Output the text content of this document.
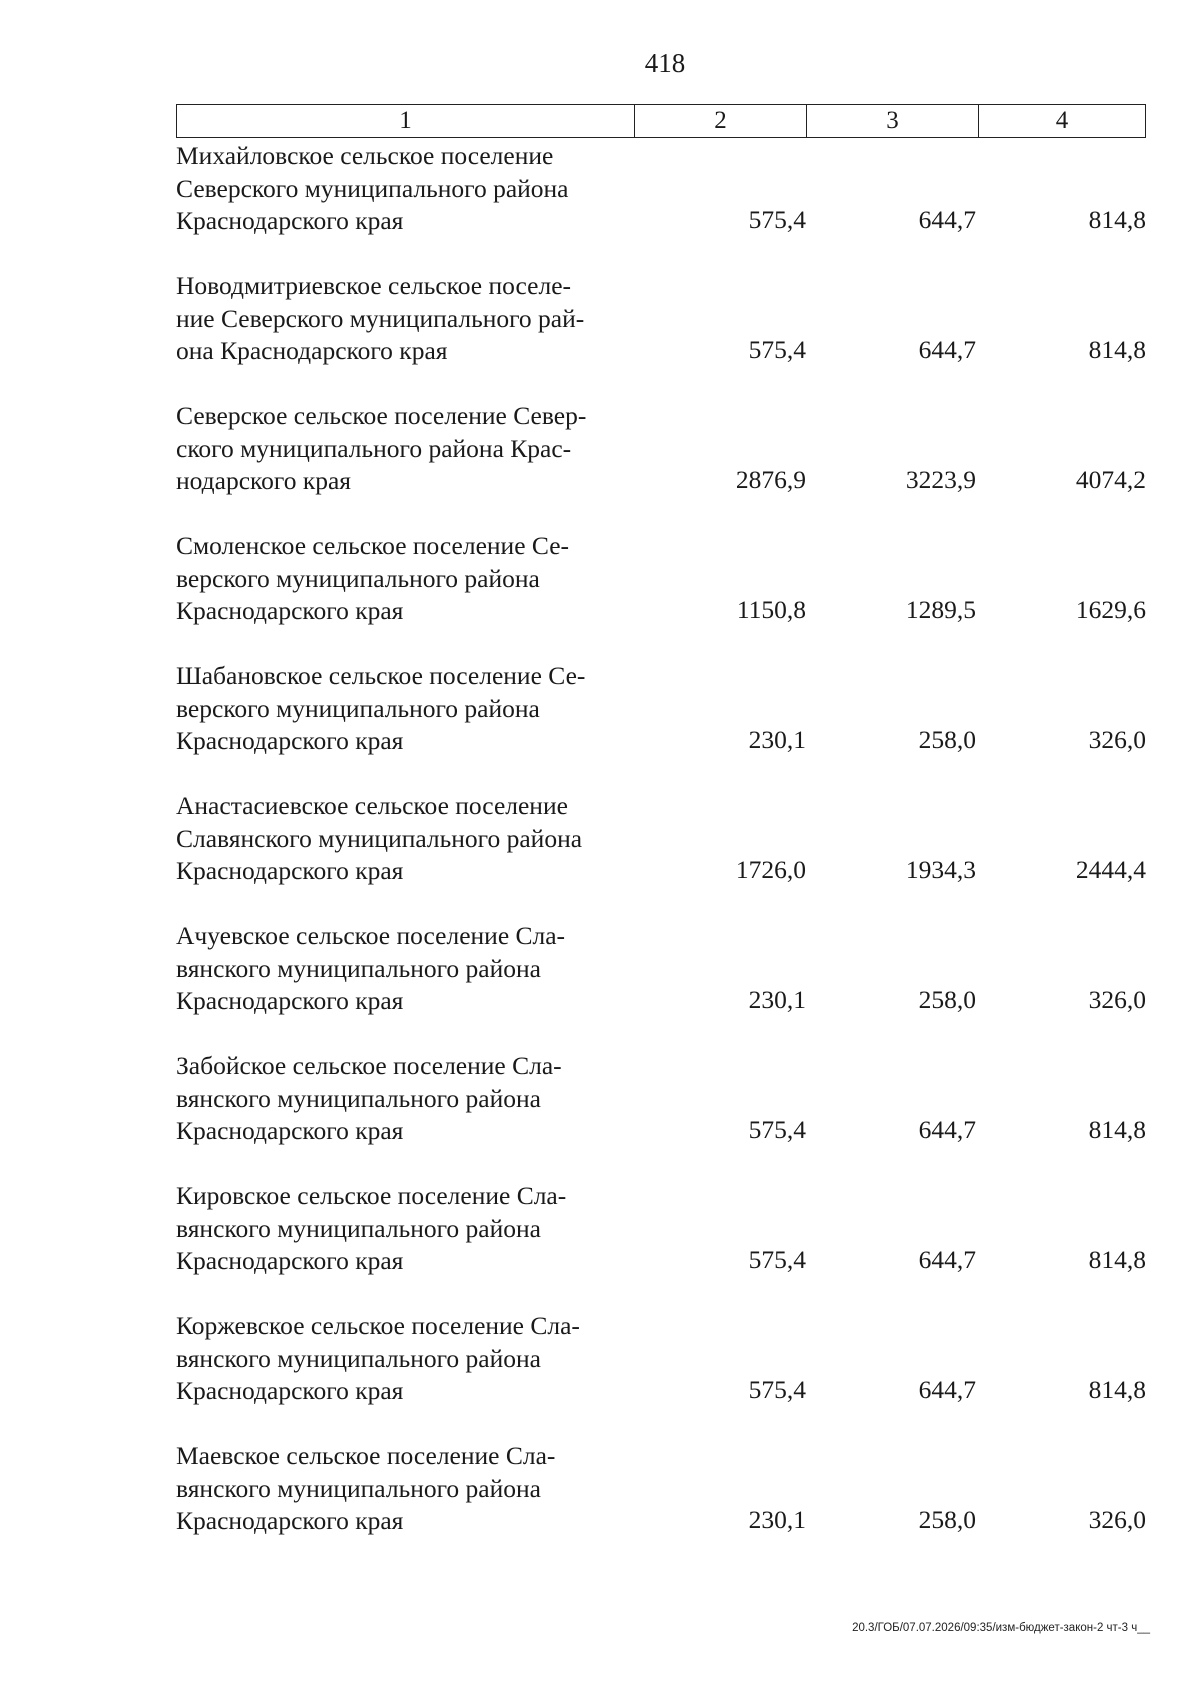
418
1	2	3	4
Михайловское сельское поселение
Северского муниципального района
Краснодарского края	575,4	644,7	814,8
Новодмитриевское сельское поселе-
ние Северского муниципального рай-
она Краснодарского края	575,4	644,7	814,8
Северское сельское поселение Север-
ского муниципального района Крас-
нодарского края	2876,9	3223,9	4074,2
Смоленское сельское поселение Се-
верского муниципального района
Краснодарского края	1150,8	1289,5	1629,6
Шабановское сельское поселение Се-
верского муниципального района
Краснодарского края	230,1	258,0	326,0
Анастасиевское сельское поселение
Славянского муниципального района
Краснодарского края	1726,0	1934,3	2444,4
Ачуевское сельское поселение Сла-
вянского муниципального района
Краснодарского края	230,1	258,0	326,0
Забойское сельское поселение Сла-
вянского муниципального района
Краснодарского края	575,4	644,7	814,8
Кировское сельское поселение Сла-
вянского муниципального района
Краснодарского края	575,4	644,7	814,8
Коржевское сельское поселение Сла-
вянского муниципального района
Краснодарского края	575,4	644,7	814,8
Маевское сельское поселение Сла-
вянского муниципального района
Краснодарского края	230,1	258,0	326,0
20.3/ГОБ/07.07.2026/09:35/изм-бюджет-закон-2 чт-3 ч__
